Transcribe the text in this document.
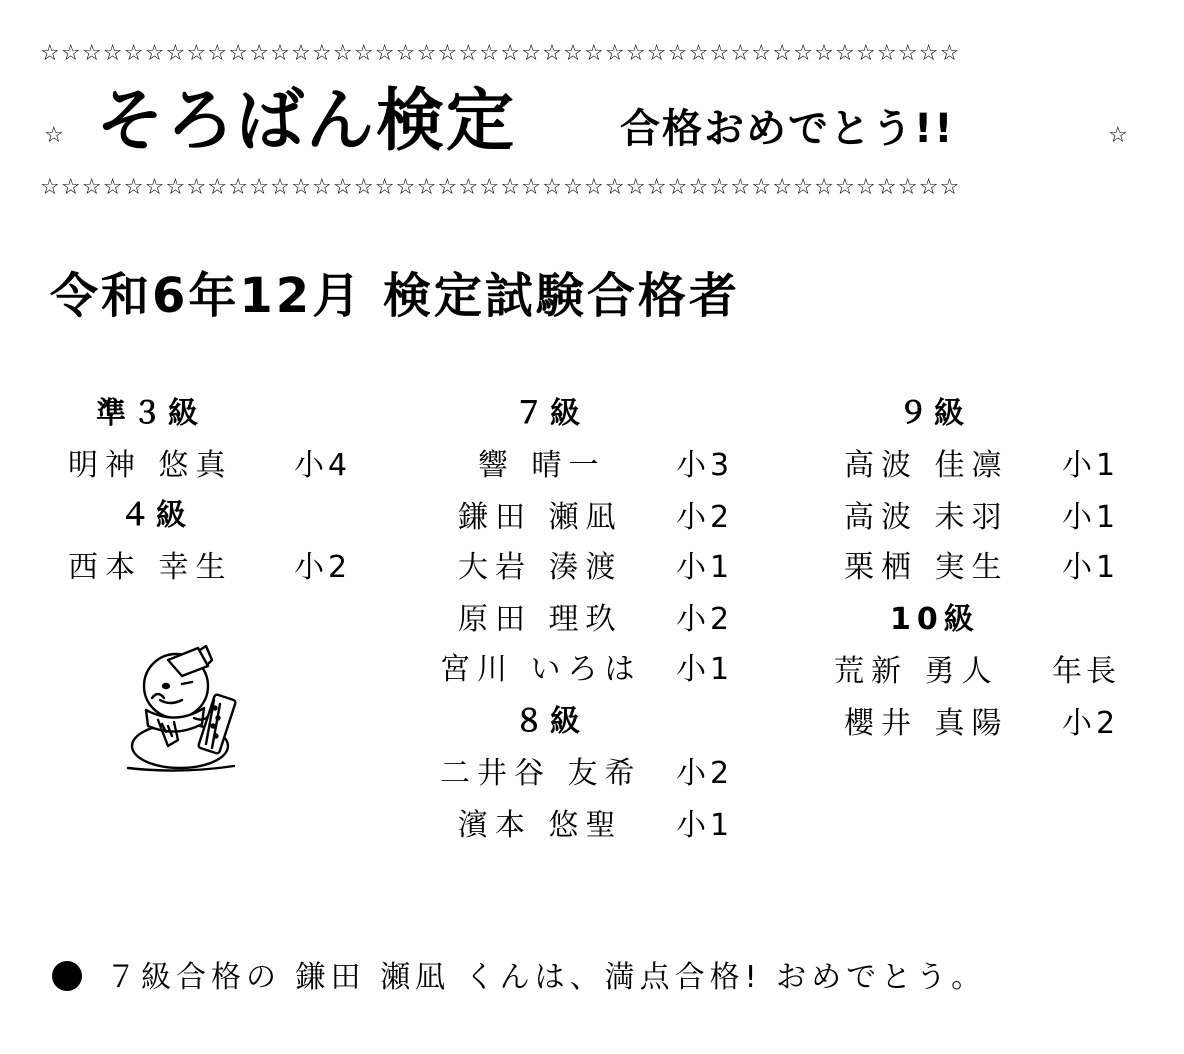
☆☆☆☆☆☆☆☆☆☆☆☆☆☆☆☆☆☆☆☆☆☆☆☆☆☆☆☆☆☆☆☆☆☆☆☆☆☆☆☆☆☆☆☆
☆ そろばん検定	合格おめでとう!!	☆
☆☆☆☆☆☆☆☆☆☆☆☆☆☆☆☆☆☆☆☆☆☆☆☆☆☆☆☆☆☆☆☆☆☆☆☆☆☆☆☆☆☆☆☆
令和6年12月 検定試験合格者
準３級
明神 悠真 小4
４級
西本 幸生 小2
７級
響 晴一 小3
鎌田 瀬凪 小2
大岩 湊渡 小1
原田 理玖 小2
宮川 いろは 小1
８級
二井谷 友希 小2
濱本 悠聖 小1
９級
高波 佳凛 小1
高波 未羽 小1
栗栖 実生 小1
10級
荒新 勇人 年長
櫻井 真陽 小2
７級合格の 鎌田 瀬凪 くんは、満点合格! おめでとう。
